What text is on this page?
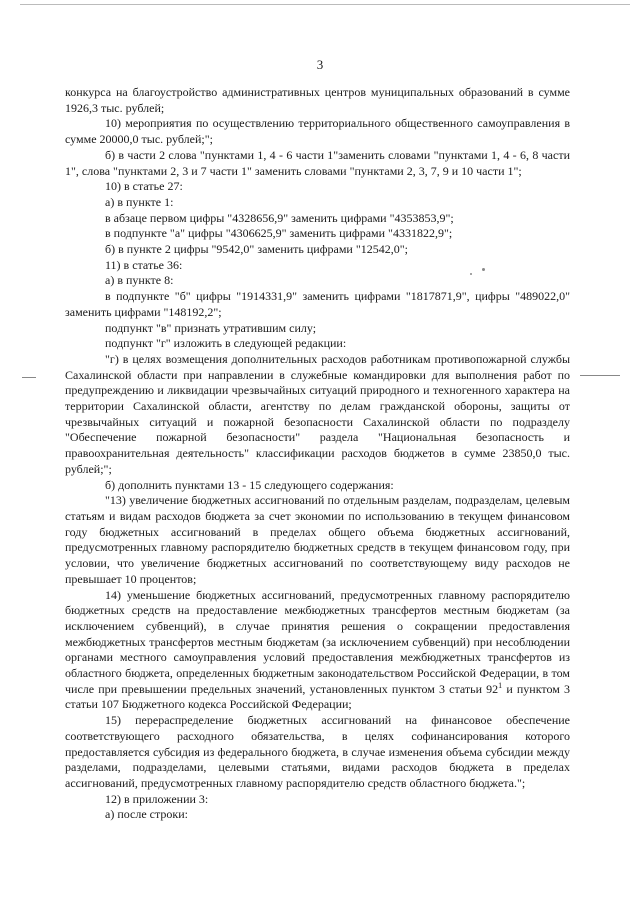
3

конкурса на благоустройство административных центров муниципальных образований в сумме 1926,3 тыс. рублей;

10) мероприятия по осуществлению территориального общественного самоуправления в сумме 20000,0 тыс. рублей;";

б) в части 2 слова "пунктами 1, 4 - 6 части 1"заменить словами "пунктами 1, 4 - 6, 8 части 1", слова "пунктами 2, 3 и 7 части 1" заменить словами "пунктами 2, 3, 7, 9 и 10 части 1";

10) в статье 27:

а) в пункте 1:

в абзаце первом цифры "4328656,9" заменить цифрами "4353853,9";

в подпункте "а" цифры "4306625,9" заменить цифрами "4331822,9";

б) в пункте 2 цифры "9542,0" заменить цифрами "12542,0";

11) в статье 36:

а) в пункте 8:

в подпункте "б" цифры "1914331,9" заменить цифрами "1817871,9", цифры "489022,0" заменить цифрами "148192,2";

подпункт "в" признать утратившим силу;

подпункт "г" изложить в следующей редакции:

"г) в целях возмещения дополнительных расходов работникам противопожарной службы Сахалинской области при направлении в служебные командировки для выполнения работ по предупреждению и ликвидации чрезвычайных ситуаций природного и техногенного характера на территории Сахалинской области, агентству по делам гражданской обороны, защиты от чрезвычайных ситуаций и пожарной безопасности Сахалинской области по подразделу "Обеспечение пожарной безопасности" раздела "Национальная безопасность и правоохранительная деятельность" классификации расходов бюджетов в сумме 23850,0 тыс. рублей;";

б) дополнить пунктами 13 - 15 следующего содержания:

"13) увеличение бюджетных ассигнований по отдельным разделам, подразделам, целевым статьям и видам расходов бюджета за счет экономии по использованию в текущем финансовом году бюджетных ассигнований в пределах общего объема бюджетных ассигнований, предусмотренных главному распорядителю бюджетных средств в текущем финансовом году, при условии, что увеличение бюджетных ассигнований по соответствующему виду расходов не превышает 10 процентов;

14) уменьшение бюджетных ассигнований, предусмотренных главному распорядителю бюджетных средств на предоставление межбюджетных трансфертов местным бюджетам (за исключением субвенций), в случае принятия решения о сокращении предоставления межбюджетных трансфертов местным бюджетам (за исключением субвенций) при несоблюдении органами местного самоуправления условий предоставления межбюджетных трансфертов из областного бюджета, определенных бюджетным законодательством Российской Федерации, в том числе при превышении предельных значений, установленных пунктом 3 статьи $92^1$ и пунктом 3 статьи 107 Бюджетного кодекса Российской Федерации;

15) перераспределение бюджетных ассигнований на финансовое обеспечение соответствующего расходного обязательства, в целях софинансирования которого предоставляется субсидия из федерального бюджета, в случае изменения объема субсидии между разделами, подразделами, целевыми статьями, видами расходов бюджета в пределах ассигнований, предусмотренных главному распорядителю средств областного бюджета.";

12) в приложении 3:

а) после строки:
